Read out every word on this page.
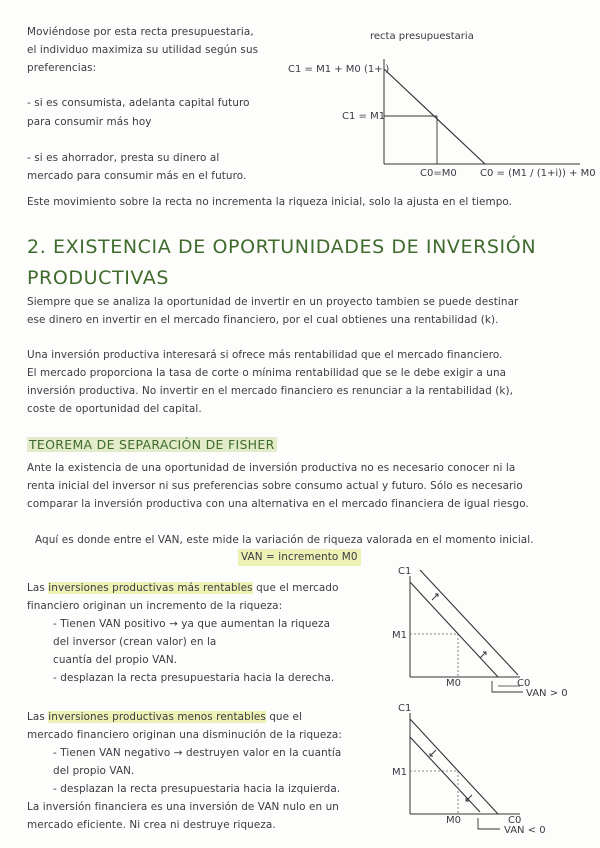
Moviéndose por esta recta presupuestaria,
el individuo maximiza su utilidad según sus
preferencias:
- si es consumista, adelanta capital futuro
para consumir más hoy
- si es ahorrador, presta su dinero al
mercado para consumir más en el futuro.
Este movimiento sobre la recta no incrementa la riqueza inicial, solo la ajusta en el tiempo.
recta presupuestaria
C1 = M1 + M0 (1+i)
C1 = M1
C0=M0 C0 = (M1 / (1+i)) + M0
2. EXISTENCIA DE OPORTUNIDADES DE INVERSIÓN PRODUCTIVAS
Siempre que se analiza la oportunidad de invertir en un proyecto tambien se puede destinar
ese dinero en invertir en el mercado financiero, por el cual obtienes una rentabilidad (k).
Una inversión productiva interesará si ofrece más rentabilidad que el mercado financiero.
El mercado proporciona la tasa de corte o mínima rentabilidad que se le debe exigir a una
inversión productiva. No invertir en el mercado financiero es renunciar a la rentabilidad (k),
coste de oportunidad del capital.
TEOREMA DE SEPARACIÓN DE FISHER
Ante la existencia de una oportunidad de inversión productiva no es necesario conocer ni la
renta inicial del inversor ni sus preferencias sobre consumo actual y futuro. Sólo es necesario
comparar la inversión productiva con una alternativa en el mercado financiera de igual riesgo.
Aquí es donde entre el VAN, este mide la variación de riqueza valorada en el momento inicial.
VAN = incremento M0
Las inversiones productivas más rentables que el mercado
financiero originan un incremento de la riqueza:
- Tienen VAN positivo → ya que aumentan la riqueza
del inversor (crean valor) en la
cuantía del propio VAN.
- desplazan la recta presupuestaria hacia la derecha.
C1
M1
M0	C0
VAN > 0
Las inversiones productivas menos rentables que el
mercado financiero originan una disminución de la riqueza:
- Tienen VAN negativo → destruyen valor en la cuantía
del propio VAN.
- desplazan la recta presupuestaria hacia la izquierda.
La inversión financiera es una inversión de VAN nulo en un
mercado eficiente. Ni crea ni destruye riqueza.
C1
M1
M0	C0
VAN < 0
